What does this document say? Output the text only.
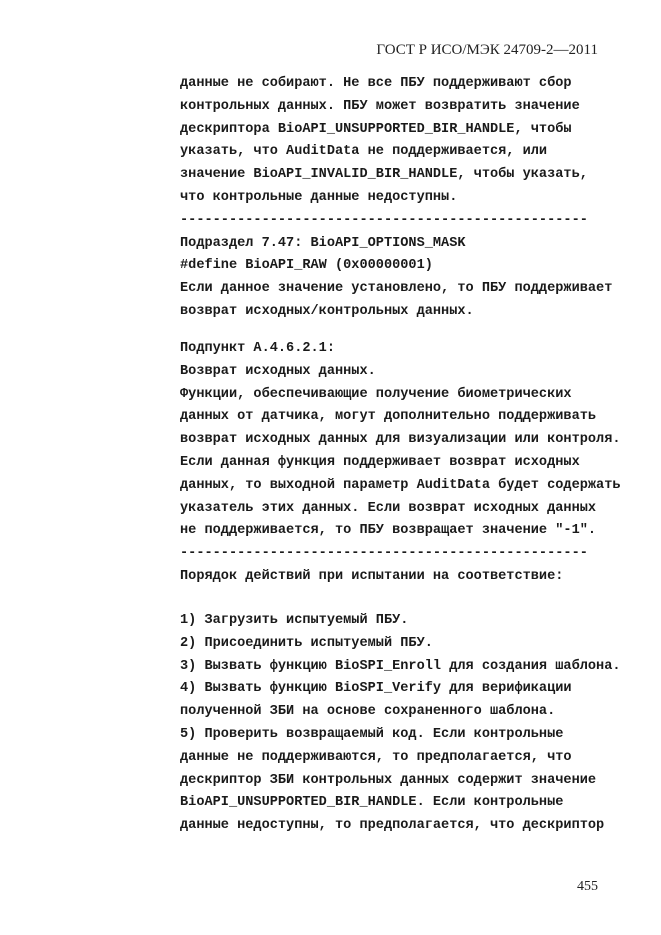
ГОСТ Р ИСО/МЭК 24709-2—2011
данные не собирают. Не все ПБУ поддерживают сбор
контрольных данных. ПБУ может возвратить значение
дескриптора BioAPI_UNSUPPORTED_BIR_HANDLE, чтобы
указать, что AuditData не поддерживается, или
значение BioAPI_INVALID_BIR_HANDLE, чтобы указать,
что контрольные данные недоступны.
--------------------------------------------------
Подраздел 7.47: BioAPI_OPTIONS_MASK
#define BioAPI_RAW (0x00000001)
Если данное значение установлено, то ПБУ поддерживает
возврат исходных/контрольных данных.
Подпункт A.4.6.2.1:
Возврат исходных данных.
Функции, обеспечивающие получение биометрических
данных от датчика, могут дополнительно поддерживать
возврат исходных данных для визуализации или контроля.
Если данная функция поддерживает возврат исходных
данных, то выходной параметр AuditData будет содержать
указатель этих данных. Если возврат исходных данных
не поддерживается, то ПБУ возвращает значение "-1".
--------------------------------------------------
Порядок действий при испытании на соответствие:
1) Загрузить испытуемый ПБУ.
2) Присоединить испытуемый ПБУ.
3) Вызвать функцию BioSPI_Enroll для создания шаблона.
4) Вызвать функцию BioSPI_Verify для верификации
полученной ЗБИ на основе сохраненного шаблона.
5) Проверить возвращаемый код. Если контрольные
данные не поддерживаются, то предполагается, что
дескриптор ЗБИ контрольных данных содержит значение
BioAPI_UNSUPPORTED_BIR_HANDLE. Если контрольные
данные недоступны, то предполагается, что дескриптор
455
